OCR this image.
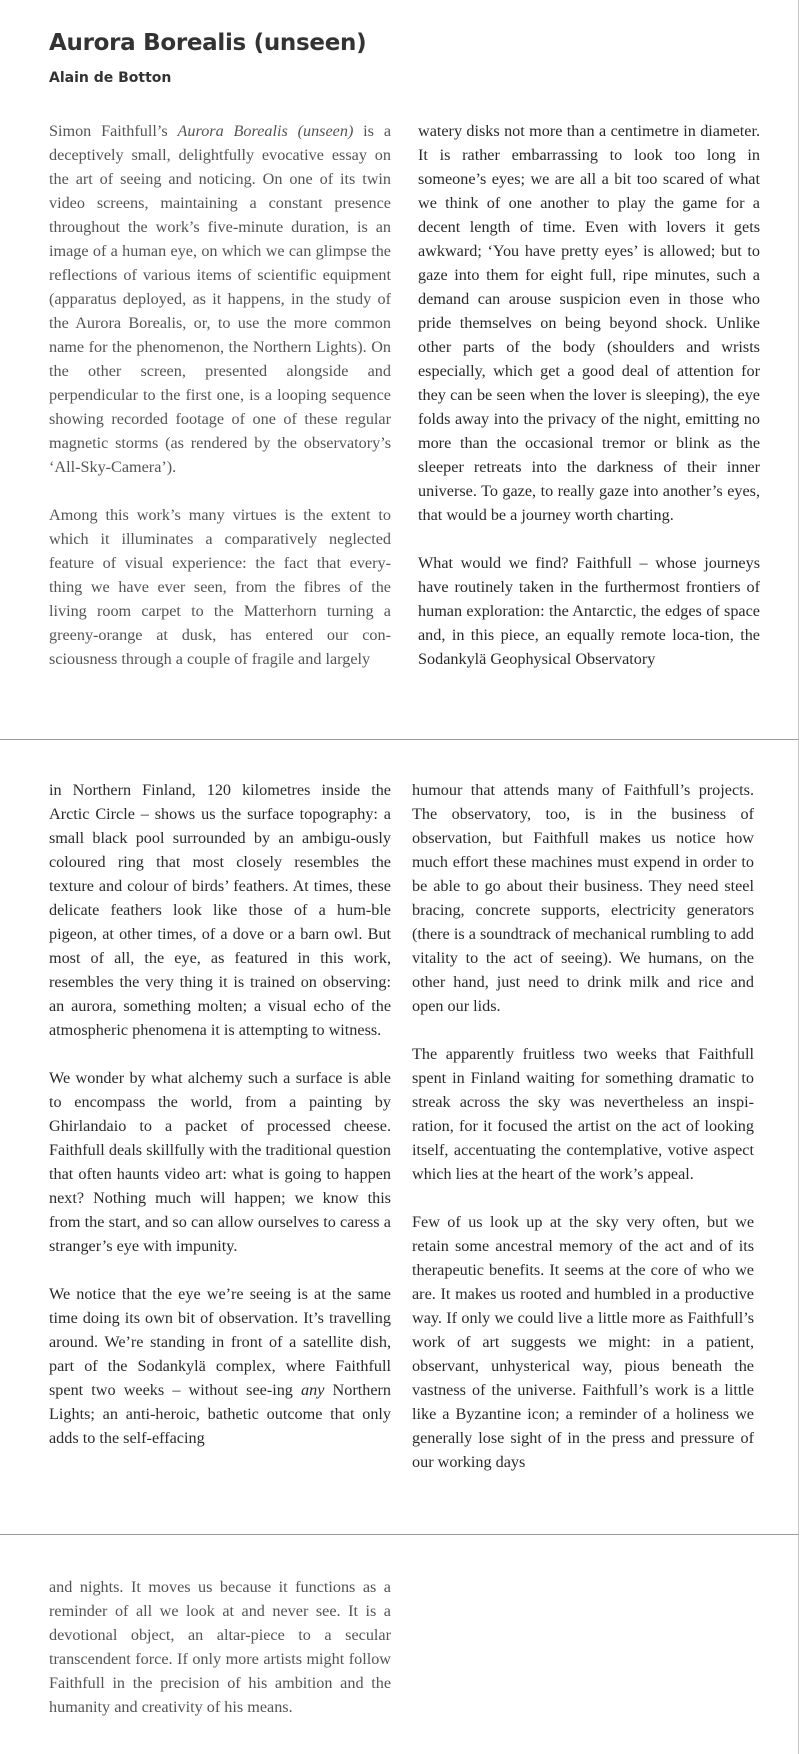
Aurora Borealis (unseen)
Alain de Botton

Simon Faithfull’s Aurora Borealis (unseen) is a deceptively small, delightfully evocative essay on the art of seeing and noticing. On one of its twin video screens, maintaining a constant presence throughout the work’s five-minute duration, is an image of a human eye, on which we can glimpse the reflections of various items of scientific equipment (apparatus deployed, as it happens, in the study of the Aurora Borealis, or, to use the more common name for the phenomenon, the Northern Lights). On the other screen, presented alongside and perpendicular to the first one, is a looping sequence showing recorded footage of one of these regular magnetic storms (as rendered by the observatory’s ‘All-Sky-Camera’).

Among this work’s many virtues is the extent to which it illuminates a comparatively neglected feature of visual experience: the fact that every-thing we have ever seen, from the fibres of the living room carpet to the Matterhorn turning a greeny-orange at dusk, has entered our con-sciousness through a couple of fragile and largely

watery disks not more than a centimetre in diameter. It is rather embarrassing to look too long in someone’s eyes; we are all a bit too scared of what we think of one another to play the game for a decent length of time. Even with lovers it gets awkward; ‘You have pretty eyes’ is allowed; but to gaze into them for eight full, ripe minutes, such a demand can arouse suspicion even in those who pride themselves on being beyond shock. Unlike other parts of the body (shoulders and wrists especially, which get a good deal of attention for they can be seen when the lover is sleeping), the eye folds away into the privacy of the night, emitting no more than the occasional tremor or blink as the sleeper retreats into the darkness of their inner universe. To gaze, to really gaze into another’s eyes, that would be a journey worth charting.

What would we find? Faithfull – whose journeys have routinely taken in the furthermost frontiers of human exploration: the Antarctic, the edges of space and, in this piece, an equally remote loca-tion, the Sodankylä Geophysical Observatory

in Northern Finland, 120 kilometres inside the Arctic Circle – shows us the surface topography: a small black pool surrounded by an ambigu-ously coloured ring that most closely resembles the texture and colour of birds’ feathers. At times, these delicate feathers look like those of a hum-ble pigeon, at other times, of a dove or a barn owl. But most of all, the eye, as featured in this work, resembles the very thing it is trained on observing: an aurora, something molten; a visual echo of the atmospheric phenomena it is attempting to witness.

We wonder by what alchemy such a surface is able to encompass the world, from a painting by Ghirlandaio to a packet of processed cheese. Faithfull deals skillfully with the traditional question that often haunts video art: what is going to happen next? Nothing much will happen; we know this from the start, and so can allow ourselves to caress a stranger’s eye with impunity.

We notice that the eye we’re seeing is at the same time doing its own bit of observation. It’s travelling around. We’re standing in front of a satellite dish, part of the Sodankylä complex, where Faithfull spent two weeks – without see-ing any Northern Lights; an anti-heroic, bathetic outcome that only adds to the self-effacing

humour that attends many of Faithfull’s projects. The observatory, too, is in the business of observation, but Faithfull makes us notice how much effort these machines must expend in order to be able to go about their business. They need steel bracing, concrete supports, electricity generators (there is a soundtrack of mechanical rumbling to add vitality to the act of seeing). We humans, on the other hand, just need to drink milk and rice and open our lids.

The apparently fruitless two weeks that Faithfull spent in Finland waiting for something dramatic to streak across the sky was nevertheless an inspi-ration, for it focused the artist on the act of looking itself, accentuating the contemplative, votive aspect which lies at the heart of the work’s appeal.

Few of us look up at the sky very often, but we retain some ancestral memory of the act and of its therapeutic benefits. It seems at the core of who we are. It makes us rooted and humbled in a productive way. If only we could live a little more as Faithfull’s work of art suggests we might: in a patient, observant, unhysterical way, pious beneath the vastness of the universe. Faithfull’s work is a little like a Byzantine icon; a reminder of a holiness we generally lose sight of in the press and pressure of our working days

and nights. It moves us because it functions as a reminder of all we look at and never see. It is a devotional object, an altar-piece to a secular transcendent force. If only more artists might follow Faithfull in the precision of his ambition and the humanity and creativity of his means.
